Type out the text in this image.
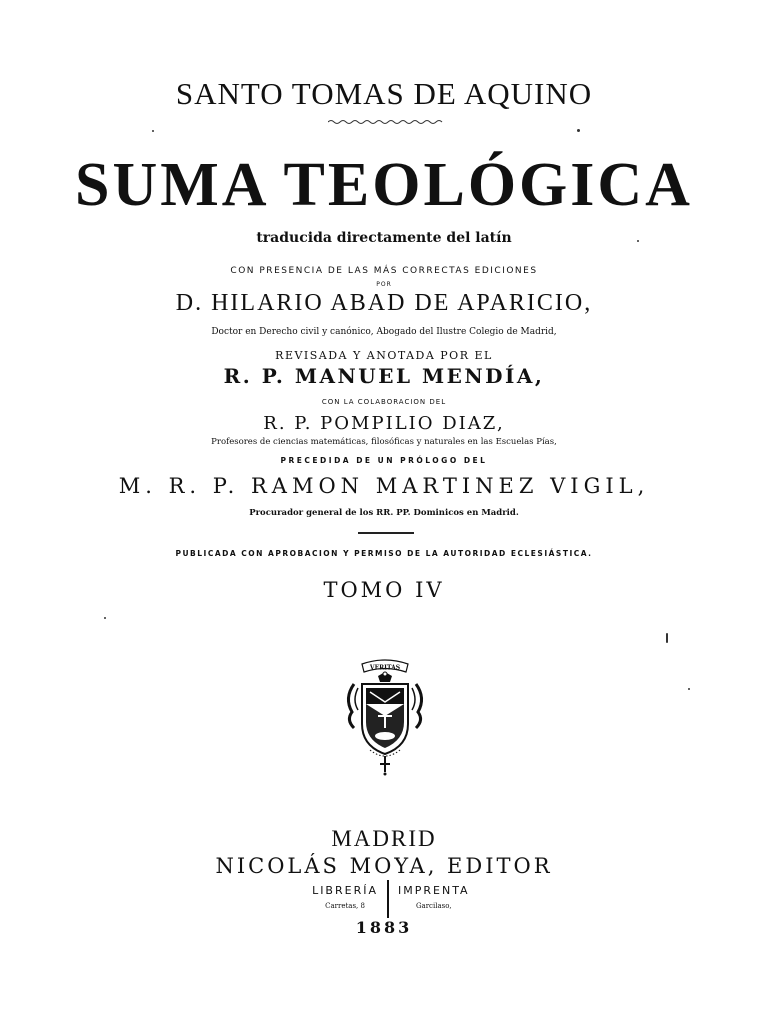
SANTO TOMAS DE AQUINO
SUMA TEOLÓGICA
traducida directamente del latín
CON PRESENCIA DE LAS MÁS CORRECTAS EDICIONES
POR
D. HILARIO ABAD DE APARICIO,
Doctor en Derecho civil y canónico, Abogado del Ilustre Colegio de Madrid,
REVISADA Y ANOTADA POR EL
R. P. MANUEL MENDÍA,
CON LA COLABORACION DEL
R. P. POMPILIO DIAZ,
Profesores de ciencias matemáticas, filosóficas y naturales en las Escuelas Pías,
PRECEDIDA DE UN PRÓLOGO DEL
M. R. P. RAMON MARTINEZ VIGIL,
Procurador general de los RR. PP. Dominicos en Madrid.
PUBLICADA CON APROBACION Y PERMISO DE LA AUTORIDAD ECLESIÁSTICA.
TOMO IV
VERITAS
MADRID
NICOLÁS MOYA, EDITOR
LIBRERÍA
Carretas, 8
IMPRENTA
Garcilaso,
1883
